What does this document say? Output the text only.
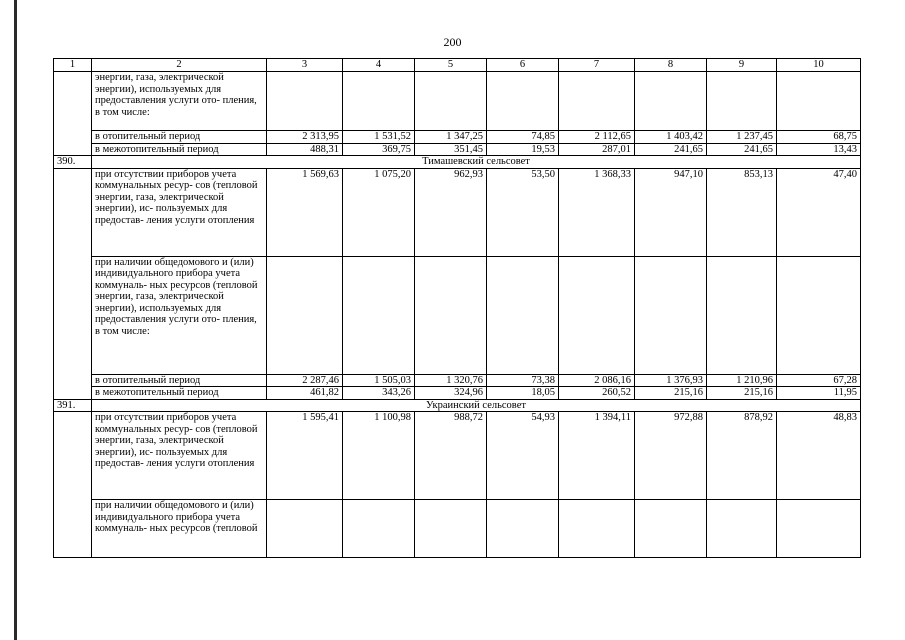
200
1	2	3	4	5	6	7	8	9	10
	энергии, газа, электрической энергии), используемых для предоставления услуги ото- пления, в том числе:								
	в отопительный период	2 313,95	1 531,52	1 347,25	74,85	2 112,65	1 403,42	1 237,45	68,75
	в межотопительный период	488,31	369,75	351,45	19,53	287,01	241,65	241,65	13,43
390.	Тимашевский сельсовет								
	при отсутствии приборов учета коммунальных ресур- сов (тепловой энергии, газа, электрической энергии), ис- пользуемых для предостав- ления услуги отопления	1 569,63	1 075,20	962,93	53,50	1 368,33	947,10	853,13	47,40
	при наличии общедомового и (или) индивидуального прибора учета коммуналь- ных ресурсов (тепловой энергии, газа, электрической энергии), используемых для предоставления услуги ото- пления, в том числе:								
	в отопительный период	2 287,46	1 505,03	1 320,76	73,38	2 086,16	1 376,93	1 210,96	67,28
	в межотопительный период	461,82	343,26	324,96	18,05	260,52	215,16	215,16	11,95
391.	Украинский сельсовет								
	при отсутствии приборов учета коммунальных ресур- сов (тепловой энергии, газа, электрической энергии), ис- пользуемых для предостав- ления услуги отопления	1 595,41	1 100,98	988,72	54,93	1 394,11	972,88	878,92	48,83
	при наличии общедомового и (или) индивидуального прибора учета коммуналь- ных ресурсов (тепловой								
